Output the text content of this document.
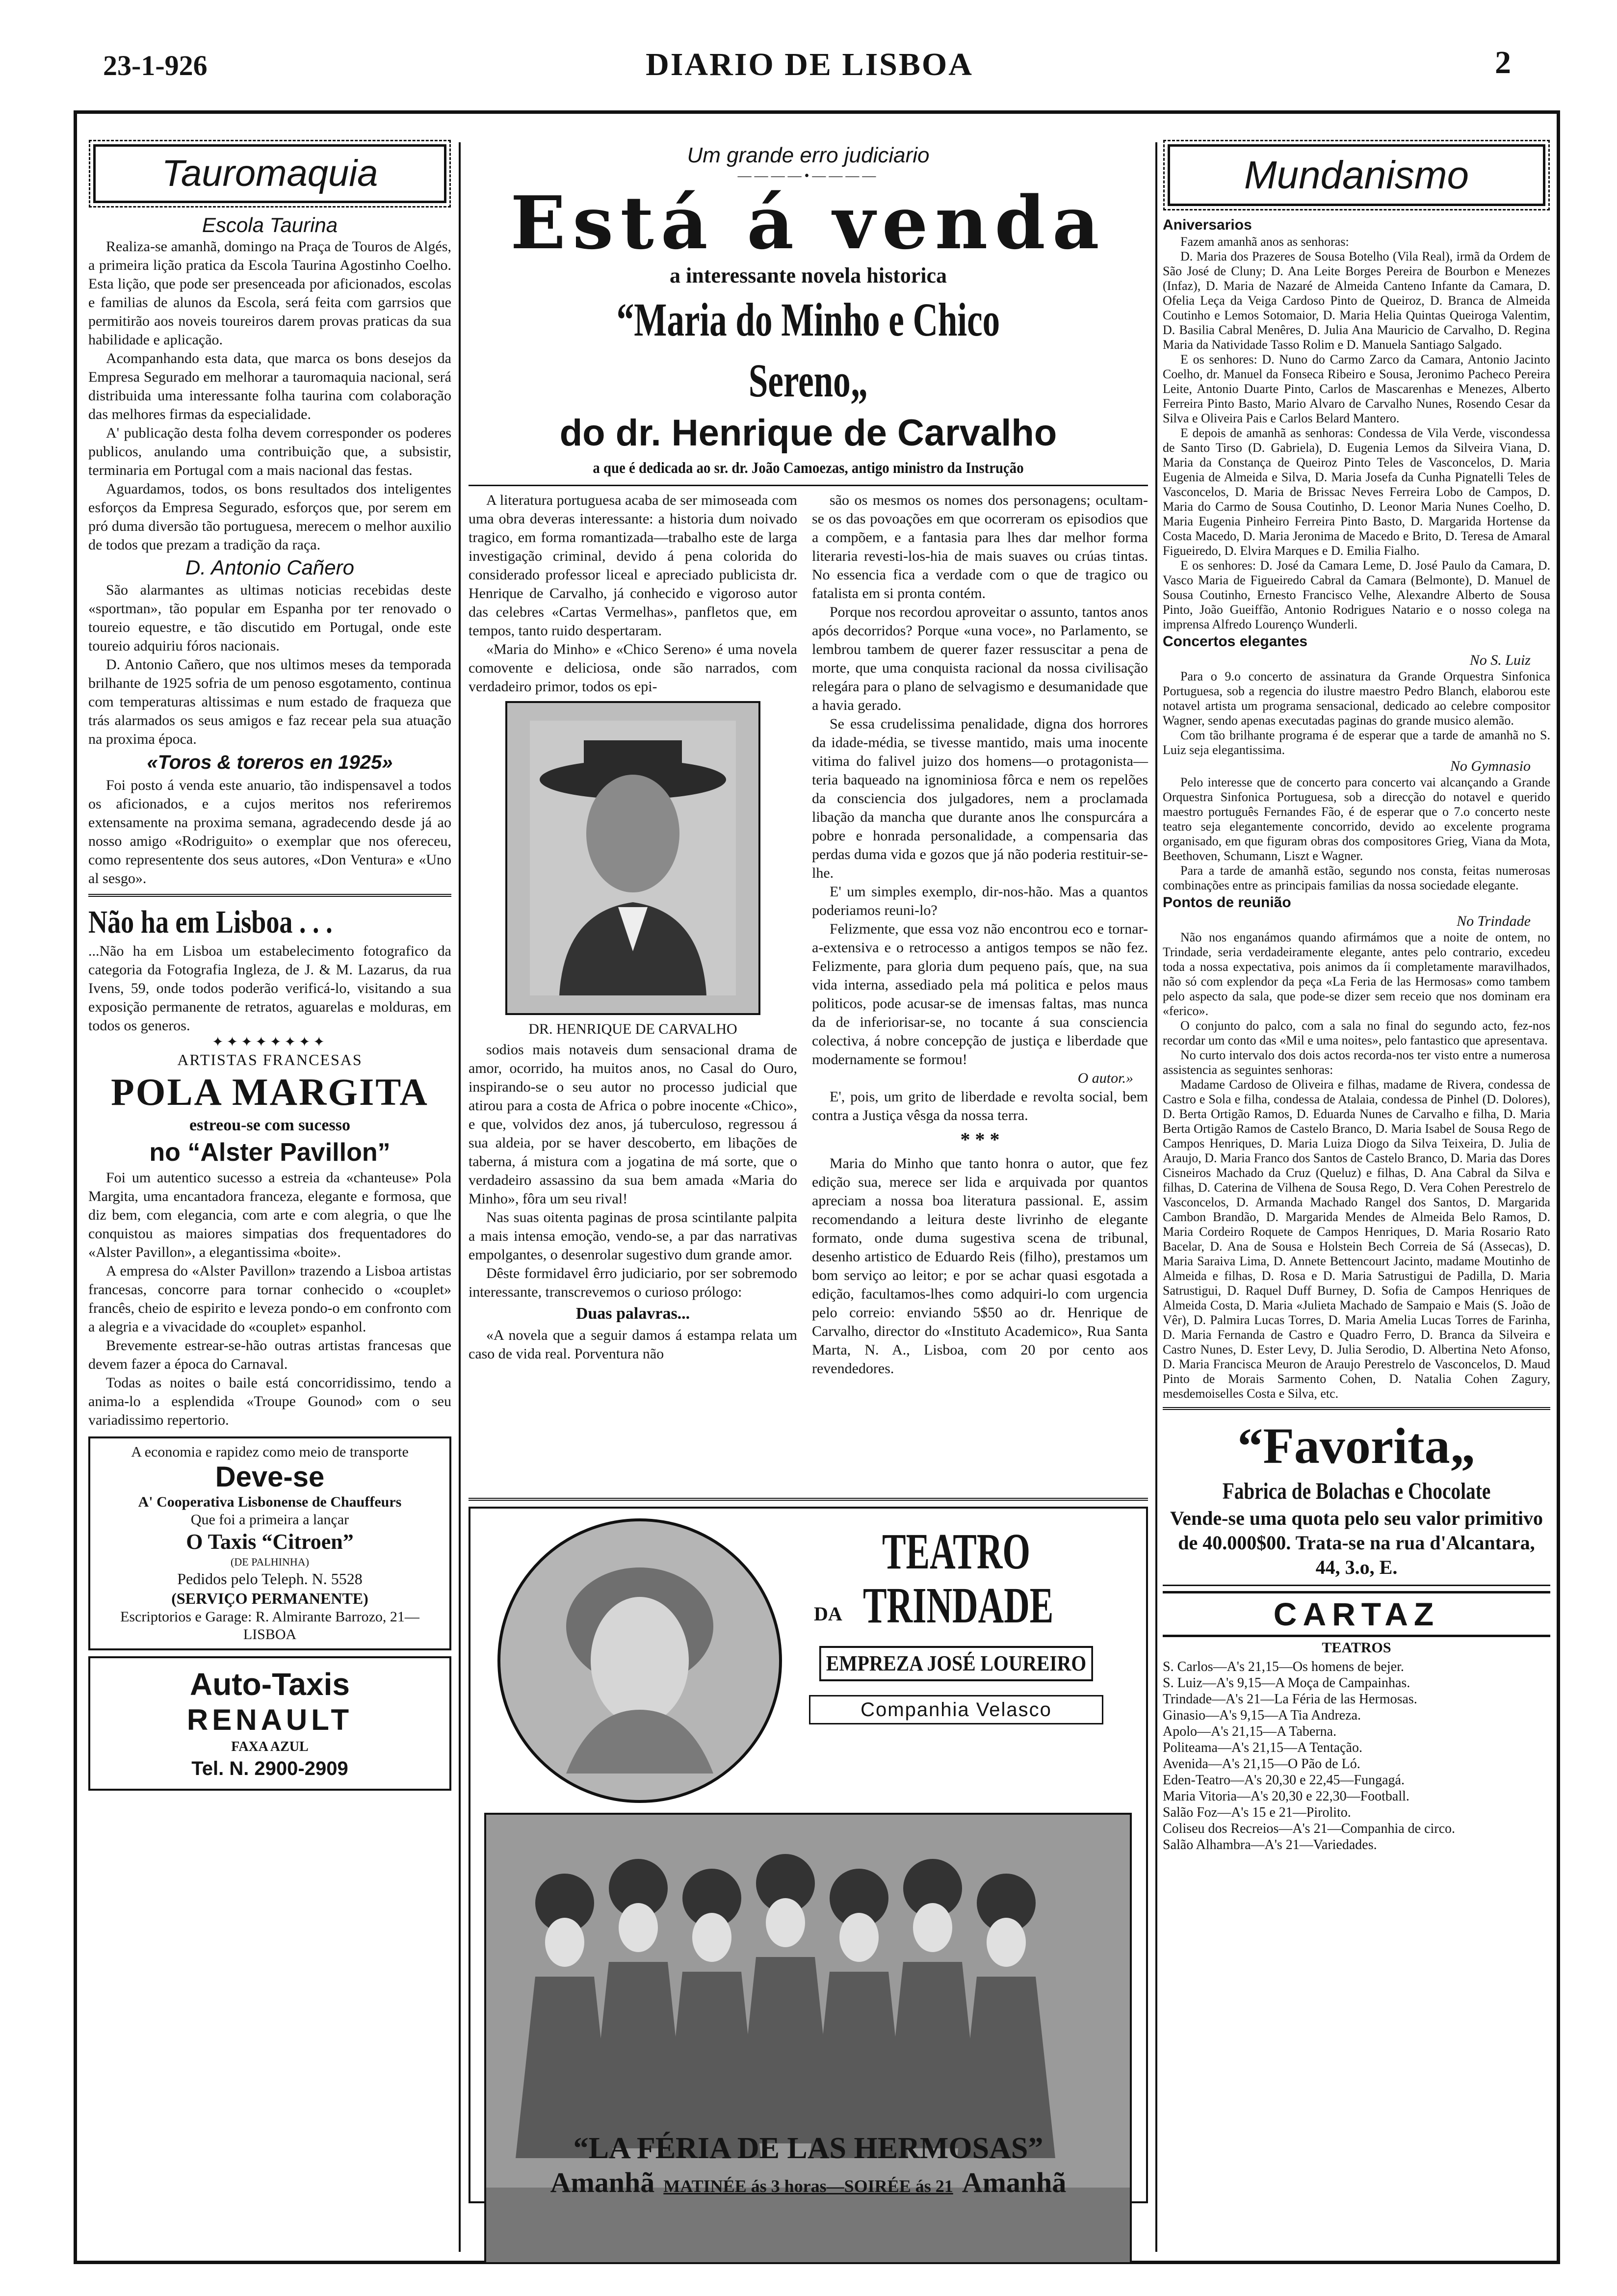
23-1-926	DIARIO DE LISBOA	2
Tauromaquia
Escola Taurina

Realiza-se amanhã, domingo na Praça de Touros de Algés, a primeira lição pratica da Escola Taurina Agostinho Coelho. Esta lição, que pode ser presenceada por aficionados, escolas e familias de alunos da Escola, será feita com garrsios que permitirão aos noveis toureiros darem provas praticas da sua habilidade e aplicação.

Acompanhando esta data, que marca os bons desejos da Empresa Segurado em melhorar a tauromaquia nacional, será distribuida uma interessante folha taurina com colaboração das melhores firmas da especialidade.

A' publicação desta folha devem corresponder os poderes publicos, anulando uma contribuição que, a subsistir, terminaria em Portugal com a mais nacional das festas.

Aguardamos, todos, os bons resultados dos inteligentes esforços da Empresa Segurado, esforços que, por serem em pró duma diversão tão portuguesa, merecem o melhor auxilio de todos que prezam a tradição da raça.

D. Antonio Cañero

São alarmantes as ultimas noticias recebidas deste «sportman», tão popular em Espanha por ter renovado o toureio equestre, e tão discutido em Portugal, onde este toureio adquiriu fóros nacionais.

D. Antonio Cañero, que nos ultimos meses da temporada brilhante de 1925 sofria de um penoso esgotamento, continua com temperaturas altissimas e num estado de fraqueza que trás alarmados os seus amigos e faz recear pela sua atuação na proxima época.

«Toros & toreros en 1925»

Foi posto á venda este anuario, tão indispensavel a todos os aficionados, e a cujos meritos nos referiremos extensamente na proxima semana, agradecendo desde já ao nosso amigo «Rodriguito» o exemplar que nos ofereceu, como representente dos seus autores, «Don Ventura» e «Uno al sesgo».

Não ha em Lisboa . . .
...Não ha em Lisboa um estabelecimento fotografico da categoria da Fotografia Ingleza, de J. & M. Lazarus, da rua Ivens, 59, onde todos poderão verificá-lo, visitando a sua exposição permanente de retratos, aguarelas e molduras, em todos os generos.
✦✦✦✦✦✦✦✦
ARTISTAS FRANCESAS
POLA MARGITA
estreou-se com sucesso
no “Alster Pavillon”

Foi um autentico sucesso a estreia da «chanteuse» Pola Margita, uma encantadora franceza, elegante e formosa, que diz bem, com elegancia, com arte e com alegria, o que lhe conquistou as maiores simpatias dos frequentadores do «Alster Pavillon», a elegantissima «boite».

A empresa do «Alster Pavillon» trazendo a Lisboa artistas francesas, concorre para tornar conhecido o «couplet» francês, cheio de espirito e leveza pondo-o em confronto com a alegria e a vivacidade do «couplet» espanhol.

Brevemente estrear-se-hão outras artistas francesas que devem fazer a época do Carnaval.

Todas as noites o baile está concorridissimo, tendo a anima-lo a esplendida «Troupe Gounod» com o seu variadissimo repertorio.

A economia e rapidez como meio de transporte
Deve-se
A' Cooperativa Lisbonense de Chauffeurs
Que foi a primeira a lançar
O Taxis “Citroen”
(DE PALHINHA)
Pedidos pelo Teleph. N. 5528
(SERVIÇO PERMANENTE)
Escriptorios e Garage: R. Almirante Barrozo, 21—LISBOA
Auto-Taxis
RENAULT
FAXA AZUL
Tel. N. 2900-2909
Um grande erro judiciario
————•————
Está á venda
a interessante novela historica
“Maria do Minho e Chico Sereno„
do dr. Henrique de Carvalho
a que é dedicada ao sr. dr. João Camoezas, antigo ministro da Instrução

A literatura portuguesa acaba de ser mimoseada com uma obra deveras interessante: a historia dum noivado tragico, em forma romantizada—trabalho este de larga investigação criminal, devido á pena colorida do considerado professor liceal e apreciado publicista dr. Henrique de Carvalho, já conhecido e vigoroso autor das celebres «Cartas Vermelhas», panfletos que, em tempos, tanto ruido despertaram.

«Maria do Minho» e «Chico Sereno» é uma novela comovente e deliciosa, onde são narrados, com verdadeiro primor, todos os epi-

DR. HENRIQUE DE CARVALHO

sodios mais notaveis dum sensacional drama de amor, ocorrido, ha muitos anos, no Casal do Ouro, inspirando-se o seu autor no processo judicial que atirou para a costa de Africa o pobre inocente «Chico», e que, volvidos dez anos, já tuberculoso, regressou á sua aldeia, por se haver descoberto, em libações de taberna, á mistura com a jogatina de má sorte, que o verdadeiro assassino da sua bem amada «Maria do Minho», fôra um seu rival!

Nas suas oitenta paginas de prosa scintilante palpita a mais intensa emoção, vendo-se, a par das narrativas empolgantes, o desenrolar sugestivo dum grande amor.

Dêste formidavel êrro judiciario, por ser sobremodo interessante, transcrevemos o curioso prólogo:

Duas palavras...

«A novela que a seguir damos á estampa relata um caso de vida real. Porventura não

são os mesmos os nomes dos personagens; ocultam-se os das povoações em que ocorreram os episodios que a compõem, e a fantasia para lhes dar melhor forma literaria revesti-los-hia de mais suaves ou crúas tintas. No essencia fica a verdade com o que de tragico ou fatalista em si pronta contém.

Porque nos recordou aproveitar o assunto, tantos anos após decorridos? Porque «una voce», no Parlamento, se lembrou tambem de querer fazer ressuscitar a pena de morte, que uma conquista racional da nossa civilisação relegára para o plano de selvagismo e desumanidade que a havia gerado.

Se essa crudelissima penalidade, digna dos horrores da idade-média, se tivesse mantido, mais uma inocente vitima do falivel juizo dos homens—o protagonista—teria baqueado na ignominiosa fôrca e nem os repelões da consciencia dos julgadores, nem a proclamada libação da mancha que durante anos lhe conspurcára a pobre e honrada personalidade, a compensaria das perdas duma vida e gozos que já não poderia restituir-se-lhe.

E' um simples exemplo, dir-nos-hão. Mas a quantos poderiamos reuni-lo?

Felizmente, que essa voz não encontrou eco e tornar-a-extensiva e o retrocesso a antigos tempos se não fez. Felizmente, para gloria dum pequeno país, que, na sua vida interna, assediado pela má politica e pelos maus politicos, pode acusar-se de imensas faltas, mas nunca da de inferiorisar-se, no tocante á sua consciencia colectiva, á nobre concepção de justiça e liberdade que modernamente se formou!

O autor.»

E', pois, um grito de liberdade e revolta social, bem contra a Justiça vêsga da nossa terra.

* * *

Maria do Minho que tanto honra o autor, que fez edição sua, merece ser lida e arquivada por quantos apreciam a nossa boa literatura passional. E, assim recomendando a leitura deste livrinho de elegante formato, onde duma sugestiva scena de tribunal, desenho artistico de Eduardo Reis (filho), prestamos um bom serviço ao leitor; e por se achar quasi esgotada a edição, facultamos-lhes como adquiri-lo com urgencia pelo correio: enviando 5$50 ao dr. Henrique de Carvalho, director do «Instituto Academico», Rua Santa Marta, N. A., Lisboa, com 20 por cento aos revendedores.

TEATRO
DA TRINDADE
EMPREZA JOSÉ LOUREIRO
Companhia Velasco
“LA FÉRIA DE LAS HERMOSAS”
Amanhã MATINÉE ás 3 horas—SOIRÉE ás 21 Amanhã
Mundanismo
Aniversarios

Fazem amanhã anos as senhoras:

D. Maria dos Prazeres de Sousa Botelho (Vila Real), irmã da Ordem de São José de Cluny; D. Ana Leite Borges Pereira de Bourbon e Menezes (Infaz), D. Maria de Nazaré de Almeida Canteno Infante da Camara, D. Ofelia Leça da Veiga Cardoso Pinto de Queiroz, D. Branca de Almeida Coutinho e Lemos Sotomaior, D. Maria Helia Quintas Queiroga Valentim, D. Basilia Cabral Menêres, D. Julia Ana Mauricio de Carvalho, D. Regina Maria da Natividade Tasso Rolim e D. Manuela Santiago Salgado.

E os senhores: D. Nuno do Carmo Zarco da Camara, Antonio Jacinto Coelho, dr. Manuel da Fonseca Ribeiro e Sousa, Jeronimo Pacheco Pereira Leite, Antonio Duarte Pinto, Carlos de Mascarenhas e Menezes, Alberto Ferreira Pinto Basto, Mario Alvaro de Carvalho Nunes, Rosendo Cesar da Silva e Oliveira Pais e Carlos Belard Mantero.

E depois de amanhã as senhoras: Condessa de Vila Verde, viscondessa de Santo Tirso (D. Gabriela), D. Eugenia Lemos da Silveira Viana, D. Maria da Constança de Queiroz Pinto Teles de Vasconcelos, D. Maria Eugenia de Almeida e Silva, D. Maria Josefa da Cunha Pignatelli Teles de Vasconcelos, D. Maria de Brissac Neves Ferreira Lobo de Campos, D. Maria do Carmo de Sousa Coutinho, D. Leonor Maria Nunes Coelho, D. Maria Eugenia Pinheiro Ferreira Pinto Basto, D. Margarida Hortense da Costa Macedo, D. Maria Jeronima de Macedo e Brito, D. Teresa de Amaral Figueiredo, D. Elvira Marques e D. Emilia Fialho.

E os senhores: D. José da Camara Leme, D. José Paulo da Camara, D. Vasco Maria de Figueiredo Cabral da Camara (Belmonte), D. Manuel de Sousa Coutinho, Ernesto Francisco Velhe, Alexandre Alberto de Sousa Pinto, João Gueiffão, Antonio Rodrigues Natario e o nosso colega na imprensa Alfredo Lourenço Wunderli.

Concertos elegantes
No S. Luiz

Para o 9.o concerto de assinatura da Grande Orquestra Sinfonica Portuguesa, sob a regencia do ilustre maestro Pedro Blanch, elaborou este notavel artista um programa sensacional, dedicado ao celebre compositor Wagner, sendo apenas executadas paginas do grande musico alemão.

Com tão brilhante programa é de esperar que a tarde de amanhã no S. Luiz seja elegantissima.

No Gymnasio

Pelo interesse que de concerto para concerto vai alcançando a Grande Orquestra Sinfonica Portuguesa, sob a direcção do notavel e querido maestro português Fernandes Fão, é de esperar que o 7.o concerto neste teatro seja elegantemente concorrido, devido ao excelente programa organisado, em que figuram obras dos compositores Grieg, Viana da Mota, Beethoven, Schumann, Liszt e Wagner.

Para a tarde de amanhã estão, segundo nos consta, feitas numerosas combinações entre as principais familias da nossa sociedade elegante.

Pontos de reunião
No Trindade

Não nos enganámos quando afirmámos que a noite de ontem, no Trindade, seria verdadeiramente elegante, antes pelo contrario, excedeu toda a nossa expectativa, pois animos da íi completamente maravilhados, não só com explendor da peça «La Feria de las Hermosas» como tambem pelo aspecto da sala, que pode-se dizer sem receio que nos dominam era «ferico».

O conjunto do palco, com a sala no final do segundo acto, fez-nos recordar um conto das «Mil e uma noites», pelo fantastico que apresentava.

No curto intervalo dos dois actos recorda-nos ter visto entre a numerosa assistencia as seguintes senhoras:

Madame Cardoso de Oliveira e filhas, madame de Rivera, condessa de Castro e Sola e filha, condessa de Atalaia, condessa de Pinhel (D. Dolores), D. Berta Ortigão Ramos, D. Eduarda Nunes de Carvalho e filha, D. Maria Berta Ortigão Ramos de Castelo Branco, D. Maria Isabel de Sousa Rego de Campos Henriques, D. Maria Luiza Diogo da Silva Teixeira, D. Julia de Araujo, D. Maria Franco dos Santos de Castelo Branco, D. Maria das Dores Cisneiros Machado da Cruz (Queluz) e filhas, D. Ana Cabral da Silva e filhas, D. Caterina de Vilhena de Sousa Rego, D. Vera Cohen Perestrelo de Vasconcelos, D. Armanda Machado Rangel dos Santos, D. Margarida Cambon Brandão, D. Margarida Mendes de Almeida Belo Ramos, D. Maria Cordeiro Roquete de Campos Henriques, D. Maria Rosario Rato Bacelar, D. Ana de Sousa e Holstein Bech Correia de Sá (Assecas), D. Maria Saraiva Lima, D. Annete Bettencourt Jacinto, madame Moutinho de Almeida e filhas, D. Rosa e D. Maria Satrustigui de Padilla, D. Maria Satrustigui, D. Raquel Duff Burney, D. Sofia de Campos Henriques de Almeida Costa, D. Maria «Julieta Machado de Sampaio e Mais (S. João de Vêr), D. Palmira Lucas Torres, D. Maria Amelia Lucas Torres de Farinha, D. Maria Fernanda de Castro e Quadro Ferro, D. Branca da Silveira e Castro Nunes, D. Ester Levy, D. Julia Serodio, D. Albertina Neto Afonso, D. Maria Francisca Meuron de Araujo Perestrelo de Vasconcelos, D. Maud Pinto de Morais Sarmento Cohen, D. Natalia Cohen Zagury, mesdemoiselles Costa e Silva, etc.

“Favorita„
Fabrica de Bolachas e Chocolate
Vende-se uma quota pelo seu valor primitivo de 40.000$00. Trata-se na rua d'Alcantara, 44, 3.o, E.
CARTAZ
TEATROS
S. Carlos—A's 21,15—Os homens de bejer.
S. Luiz—A's 9,15—A Moça de Campainhas.
Trindade—A's 21—La Féria de las Hermosas.
Ginasio—A's 9,15—A Tia Andreza.
Apolo—A's 21,15—A Taberna.
Politeama—A's 21,15—A Tentação.
Avenida—A's 21,15—O Pão de Ló.
Eden-Teatro—A's 20,30 e 22,45—Fungagá.
Maria Vitoria—A's 20,30 e 22,30—Football.
Salão Foz—A's 15 e 21—Pirolito.
Coliseu dos Recreios—A's 21—Companhia de circo.
Salão Alhambra—A's 21—Variedades.
